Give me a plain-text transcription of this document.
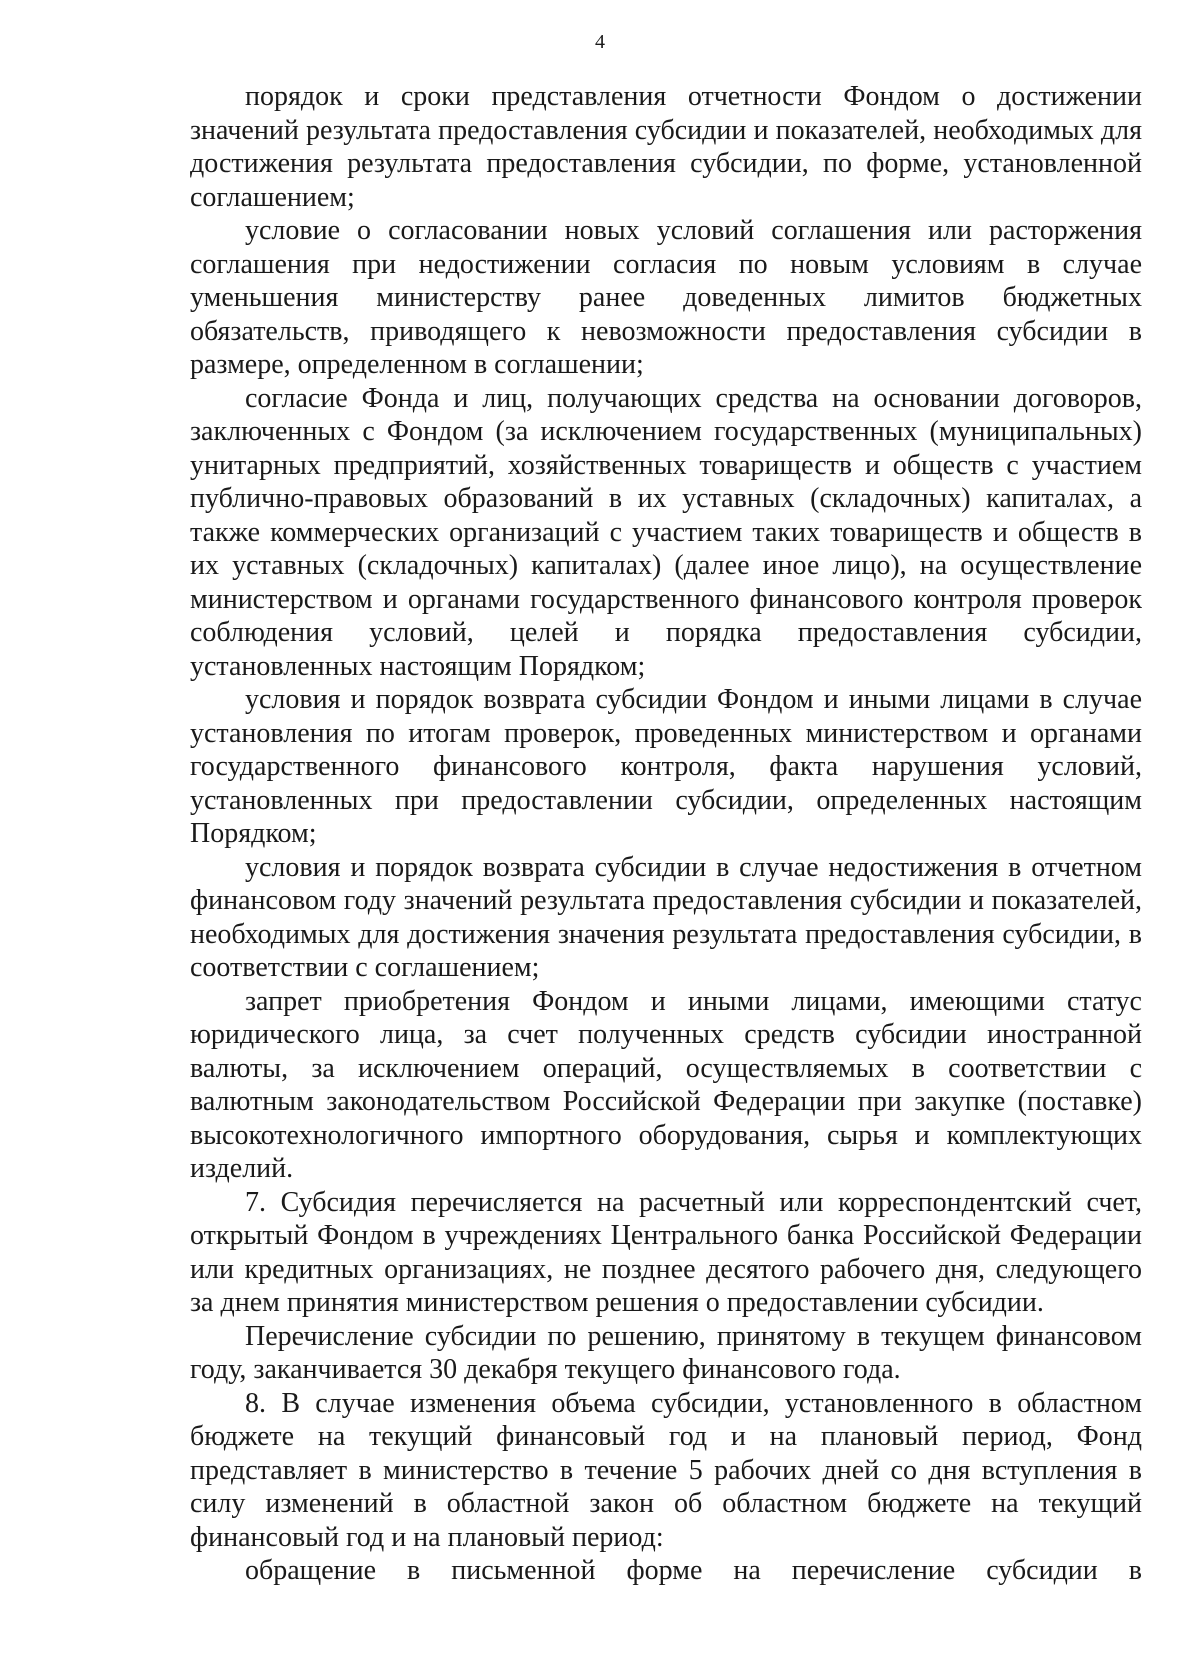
4

порядок и сроки представления отчетности Фондом о достижении значений результата предоставления субсидии и показателей, необходимых для достижения результата предоставления субсидии, по форме, установленной соглашением;

условие о согласовании новых условий соглашения или расторжения соглашения при недостижении согласия по новым условиям в случае уменьшения министерству ранее доведенных лимитов бюджетных обязательств, приводящего к невозможности предоставления субсидии в размере, определенном в соглашении;

согласие Фонда и лиц, получающих средства на основании договоров, заключенных с Фондом (за исключением государственных (муниципальных) унитарных предприятий, хозяйственных товариществ и обществ с участием публично-правовых образований в их уставных (складочных) капиталах, а также коммерческих организаций с участием таких товариществ и обществ в их уставных (складочных) капиталах) (далее иное лицо), на осуществление министерством и органами государственного финансового контроля проверок соблюдения условий, целей и порядка предоставления субсидии, установленных настоящим Порядком;

условия и порядок возврата субсидии Фондом и иными лицами в случае установления по итогам проверок, проведенных министерством и органами государственного финансового контроля, факта нарушения условий, установленных при предоставлении субсидии, определенных настоящим Порядком;

условия и порядок возврата субсидии в случае недостижения в отчетном финансовом году значений результата предоставления субсидии и показателей, необходимых для достижения значения результата предоставления субсидии, в соответствии с соглашением;

запрет приобретения Фондом и иными лицами, имеющими статус юридического лица, за счет полученных средств субсидии иностранной валюты, за исключением операций, осуществляемых в соответствии с валютным законодательством Российской Федерации при закупке (поставке) высокотехнологичного импортного оборудования, сырья и комплектующих изделий.

7. Субсидия перечисляется на расчетный или корреспондентский счет, открытый Фондом в учреждениях Центрального банка Российской Федерации или кредитных организациях, не позднее десятого рабочего дня, следующего за днем принятия министерством решения о предоставлении субсидии.

Перечисление субсидии по решению, принятому в текущем финансовом году, заканчивается 30 декабря текущего финансового года.

8. В случае изменения объема субсидии, установленного в областном бюджете на текущий финансовый год и на плановый период, Фонд представляет в министерство в течение 5 рабочих дней со дня вступления в силу изменений в областной закон об областном бюджете на текущий финансовый год и на плановый период:

обращение в письменной форме на перечисление субсидии в
